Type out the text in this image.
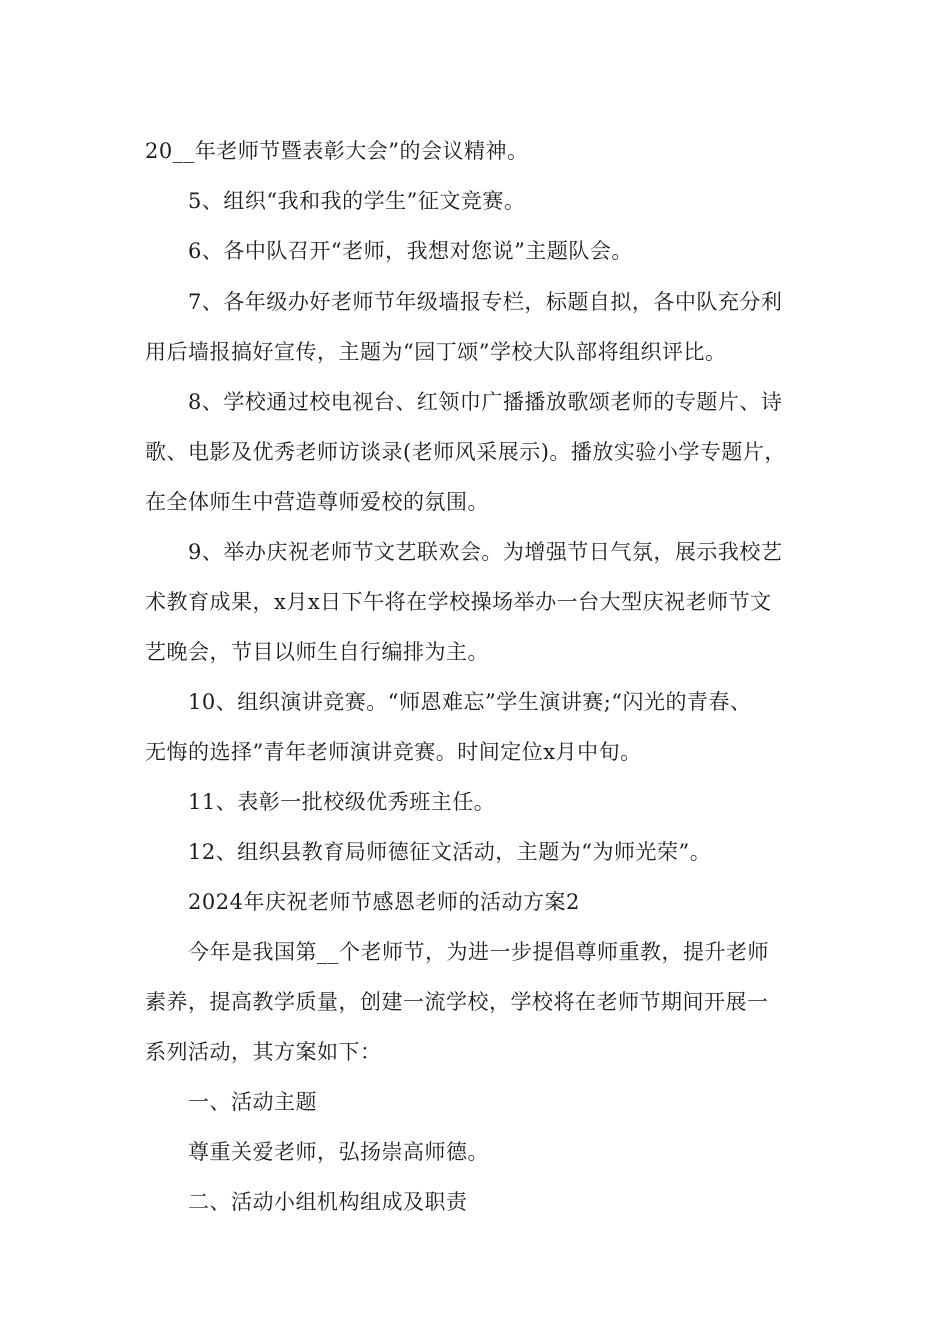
20__年老师节暨表彰大会”的会议精神。
5、组织“我和我的学生”征文竞赛。
6、各中队召开“老师，我想对您说”主题队会。
7、各年级办好老师节年级墙报专栏，标题自拟，各中队充分利
用后墙报搞好宣传，主题为“园丁颂”学校大队部将组织评比。
8、学校通过校电视台、红领巾广播播放歌颂老师的专题片、诗
歌、电影及优秀老师访谈录(老师风采展示)。播放实验小学专题片，
在全体师生中营造尊师爱校的氛围。
9、举办庆祝老师节文艺联欢会。为增强节日气氛，展示我校艺
术教育成果，x月x日下午将在学校操场举办一台大型庆祝老师节文
艺晚会，节目以师生自行编排为主。
10、组织演讲竞赛。“师恩难忘”学生演讲赛;“闪光的青春、
无悔的选择”青年老师演讲竞赛。时间定位x月中旬。
11、表彰一批校级优秀班主任。
12、组织县教育局师德征文活动，主题为“为师光荣”。
2024年庆祝老师节感恩老师的活动方案2
今年是我国第__个老师节，为进一步提倡尊师重教，提升老师
素养，提高教学质量，创建一流学校，学校将在老师节期间开展一
系列活动，其方案如下：
一、活动主题
尊重关爱老师，弘扬崇高师德。
二、活动小组机构组成及职责
